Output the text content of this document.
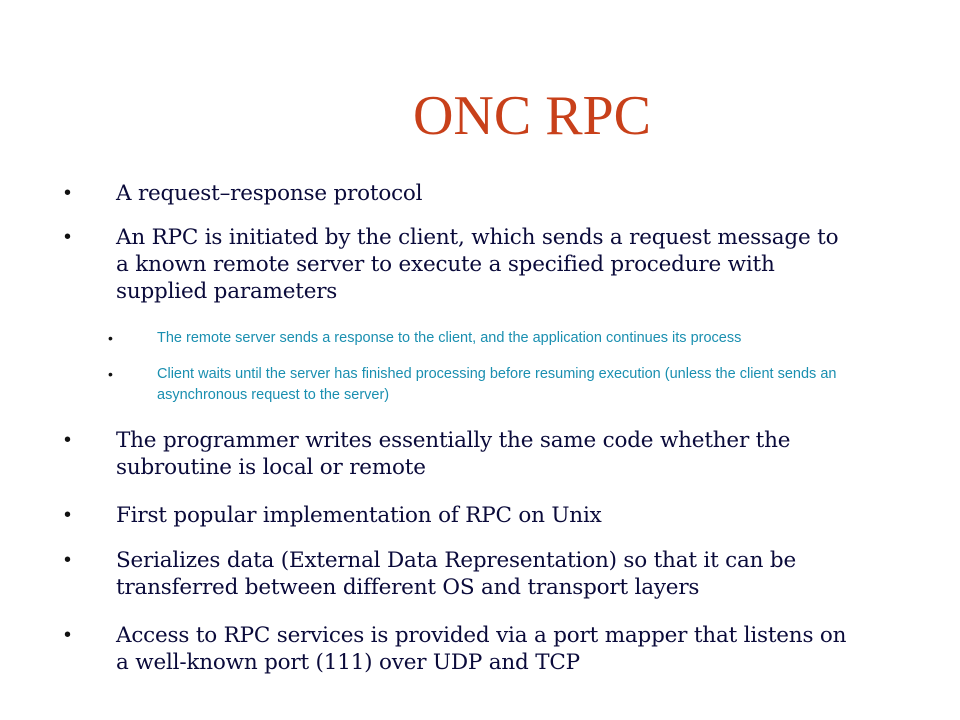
ONC RPC
• A request–response protocol
• An RPC is initiated by the client, which sends a request message to a known remote server to execute a specified procedure with supplied parameters
• The remote server sends a response to the client, and the application continues its process
• Client waits until the server has finished processing before resuming execution (unless the client sends an asynchronous request to the server)
• The programmer writes essentially the same code whether the subroutine is local or remote
• First popular implementation of RPC on Unix
• Serializes data (External Data Representation) so that it can be transferred between different OS and transport layers
• Access to RPC services is provided via a port mapper that listens on a well-known port (111) over UDP and TCP
